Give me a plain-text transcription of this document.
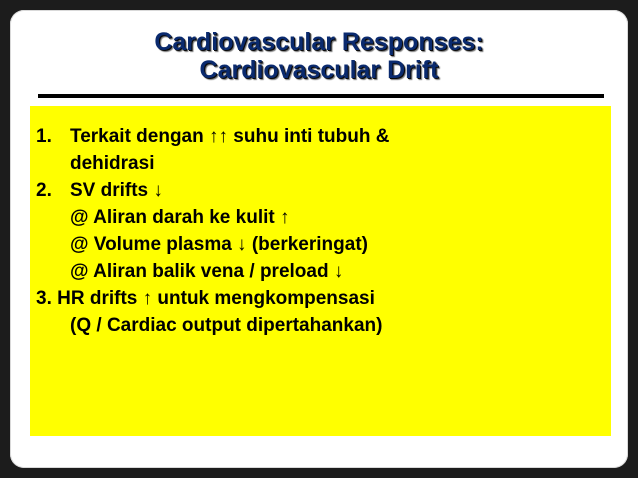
Cardiovascular Responses:
Cardiovascular Drift
1. Terkait dengan ↑↑ suhu inti tubuh &
dehidrasi
2. SV drifts ↓
@ Aliran darah ke kulit ↑
@ Volume plasma ↓ (berkeringat)
@ Aliran balik vena / preload ↓
3. HR drifts ↑ untuk mengkompensasi
(Q / Cardiac output dipertahankan)
